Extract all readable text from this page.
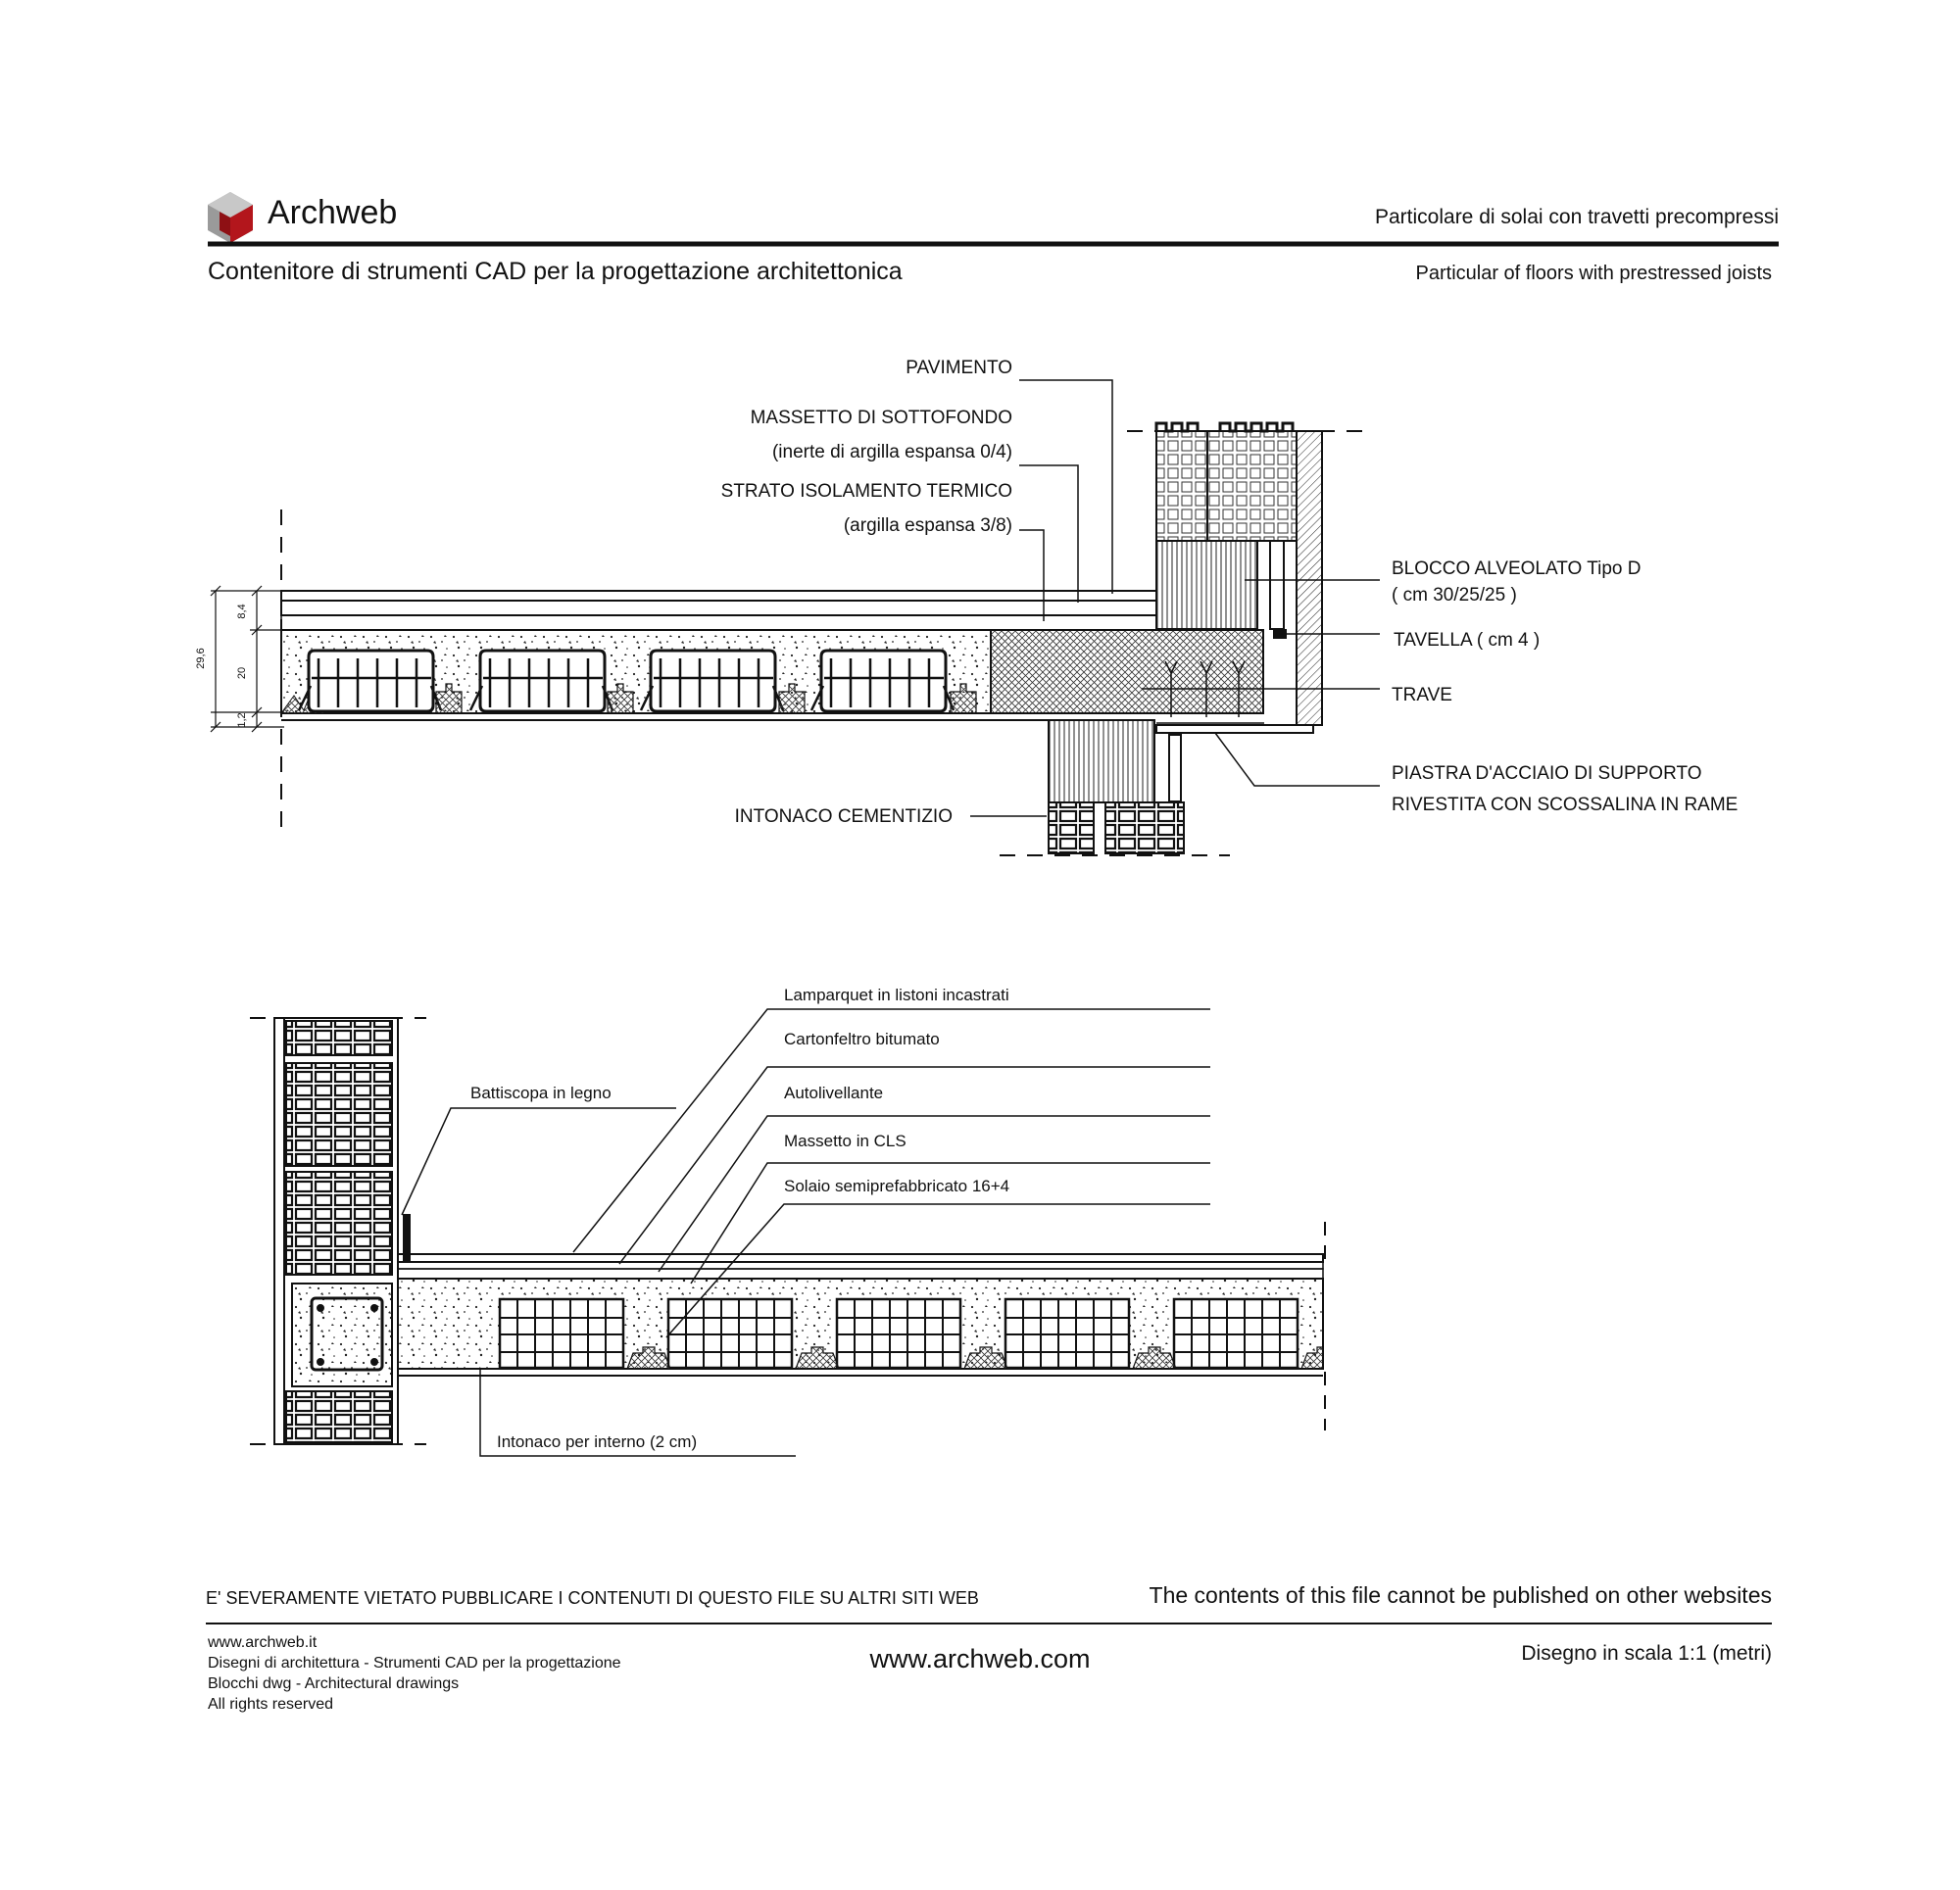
Archweb	Particolare di solai con travetti precompressi
Contenitore di strumenti CAD per la progettazione architettonica	Particular of floors with prestressed joists
PAVIMENTO
MASSETTO DI SOTTOFONDO
(inerte di argilla espansa 0/4)
STRATO ISOLAMENTO TERMICO
(argilla espansa 3/8)
BLOCCO ALVEOLATO Tipo D
( cm 30/25/25 )
TAVELLA ( cm 4 )
TRAVE
PIASTRA D'ACCIAIO DI SUPPORTO
RIVESTITA CON SCOSSALINA IN RAME
INTONACO CEMENTIZIO
29,6
8,4
20
1,2
Lamparquet in listoni incastrati
Cartonfeltro bitumato
Autolivellante
Massetto in CLS
Solaio semiprefabbricato 16+4
Battiscopa in legno
Intonaco per interno (2 cm)
E' SEVERAMENTE VIETATO PUBBLICARE I CONTENUTI DI QUESTO FILE SU ALTRI SITI WEB	The contents of this file cannot be published on other websites
www.archweb.it
Disegni di architettura - Strumenti CAD per la progettazione
Blocchi dwg - Architectural drawings
All rights reserved
www.archweb.com	Disegno in scala 1:1 (metri)
